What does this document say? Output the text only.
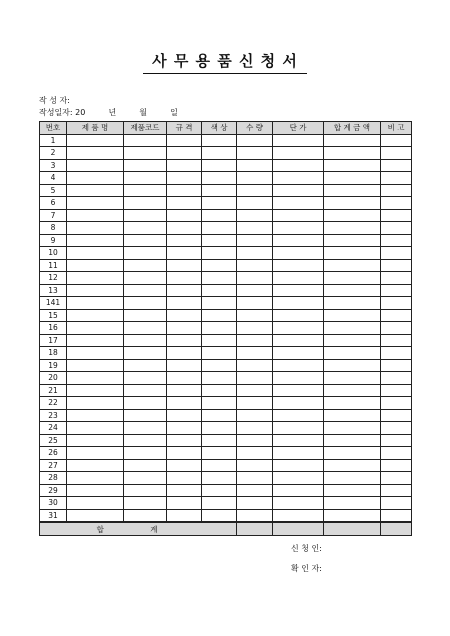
사 무 용 품 신 청 서
작 성 자:
작성일자: 20	년	월	일
번호	제 품 명	제품코드	규 격	색 상	수 량	단 가	합 계 금 액	비 고
1								
2								
3								
4								
5								
6								
7								
8								
9								
10								
11								
12								
13								
141								
15								
16								
17								
18								
19								
20								
21								
22								
23								
24								
25								
26								
27								
28								
29								
30								
31								
합 계								
신 청 인:
확 인 자:
